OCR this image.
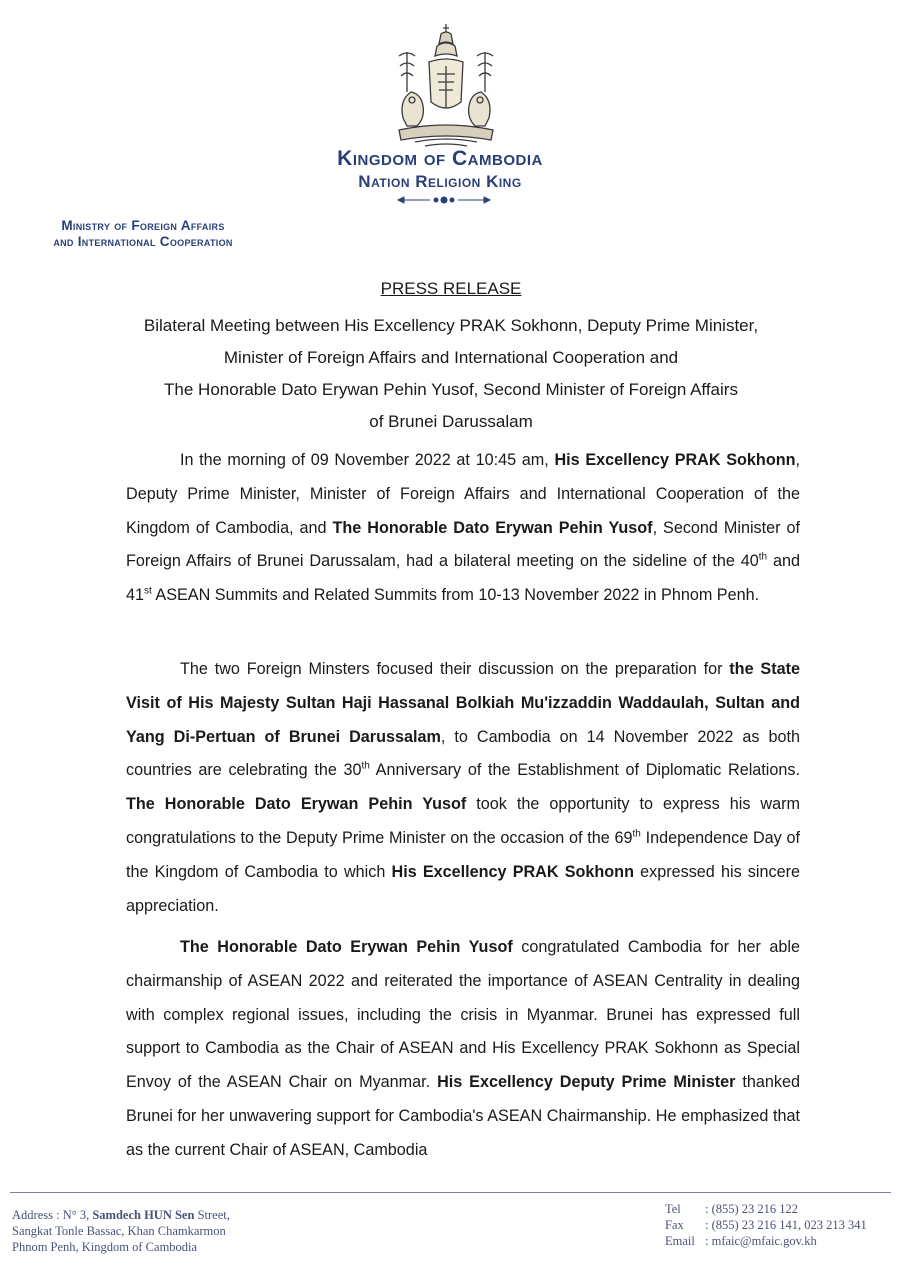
Kingdom of Cambodia
Nation Religion King
Ministry of Foreign Affairs
and International Cooperation
PRESS RELEASE
Bilateral Meeting between His Excellency PRAK Sokhonn, Deputy Prime Minister,
Minister of Foreign Affairs and International Cooperation and
The Honorable Dato Erywan Pehin Yusof, Second Minister of Foreign Affairs
of Brunei Darussalam
In the morning of 09 November 2022 at 10:45 am, His Excellency PRAK Sokhonn, Deputy Prime Minister, Minister of Foreign Affairs and International Cooperation of the Kingdom of Cambodia, and The Honorable Dato Erywan Pehin Yusof, Second Minister of Foreign Affairs of Brunei Darussalam, had a bilateral meeting on the sideline of the 40th and 41st ASEAN Summits and Related Summits from 10-13 November 2022 in Phnom Penh.
The two Foreign Minsters focused their discussion on the preparation for the State Visit of His Majesty Sultan Haji Hassanal Bolkiah Mu'izzaddin Waddaulah, Sultan and Yang Di-Pertuan of Brunei Darussalam, to Cambodia on 14 November 2022 as both countries are celebrating the 30th Anniversary of the Establishment of Diplomatic Relations. The Honorable Dato Erywan Pehin Yusof took the opportunity to express his warm congratulations to the Deputy Prime Minister on the occasion of the 69th Independence Day of the Kingdom of Cambodia to which His Excellency PRAK Sokhonn expressed his sincere appreciation.
The Honorable Dato Erywan Pehin Yusof congratulated Cambodia for her able chairmanship of ASEAN 2022 and reiterated the importance of ASEAN Centrality in dealing with complex regional issues, including the crisis in Myanmar. Brunei has expressed full support to Cambodia as the Chair of ASEAN and His Excellency PRAK Sokhonn as Special Envoy of the ASEAN Chair on Myanmar. His Excellency Deputy Prime Minister thanked Brunei for her unwavering support for Cambodia's ASEAN Chairmanship. He emphasized that as the current Chair of ASEAN, Cambodia
Address : N° 3, Samdech HUN Sen Street,
Sangkat Tonle Bassac, Khan Chamkarmon
Phnom Penh, Kingdom of Cambodia
Tel : (855) 23 216 122
Fax : (855) 23 216 141, 023 213 341
Email : mfaic@mfaic.gov.kh
